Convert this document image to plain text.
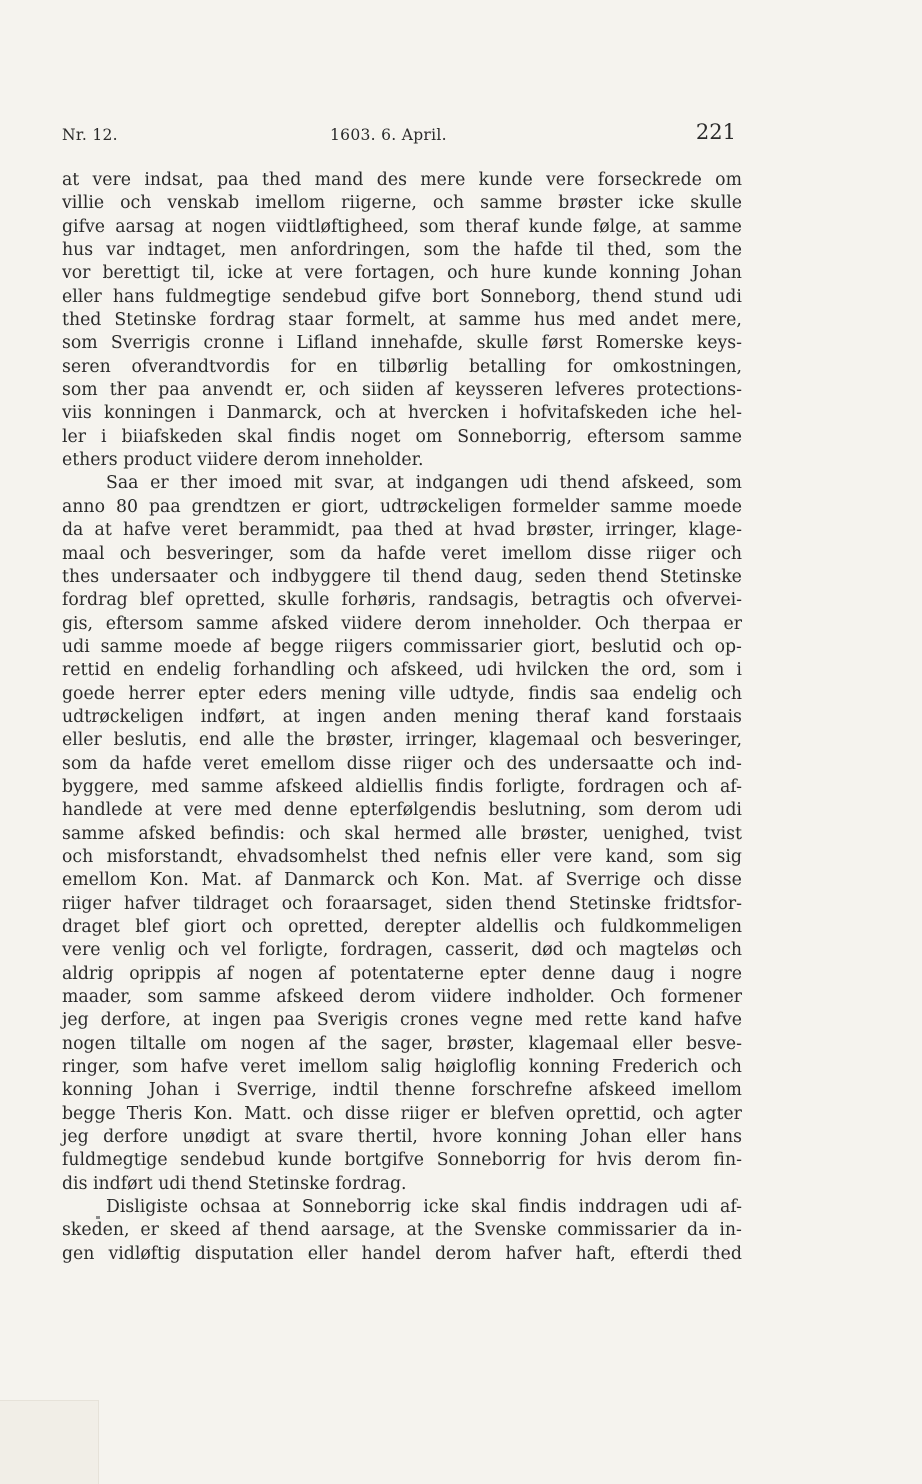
Nr. 12.	1603. 6. April.	221
at vere indsat, paa thed mand des mere kunde vere forseckrede om
villie och venskab imellom riigerne, och samme brøster icke skulle
gifve aarsag at nogen viidtløftigheed, som theraf kunde følge, at samme
hus var indtaget, men anfordringen, som the hafde til thed, som the
vor berettigt til, icke at vere fortagen, och hure kunde konning Johan
eller hans fuldmegtige sendebud gifve bort Sonneborg, thend stund udi
thed Stetinske fordrag staar formelt, at samme hus med andet mere,
som Sverrigis cronne i Lifland innehafde, skulle først Romerske keys-
seren ofverandtvordis for en tilbørlig betalling for omkostningen,
som ther paa anvendt er, och siiden af keysseren lefveres protections-
viis konningen i Danmarck, och at hvercken i hofvitafskeden iche hel-
ler i biiafskeden skal findis noget om Sonneborrig, eftersom samme
ethers product viidere derom inneholder.
Saa er ther imoed mit svar, at indgangen udi thend afskeed, som
anno 80 paa grendtzen er giort, udtrøckeligen formelder samme moede
da at hafve veret berammidt, paa thed at hvad brøster, irringer, klage-
maal och besveringer, som da hafde veret imellom disse riiger och
thes undersaater och indbyggere til thend daug, seden thend Stetinske
fordrag blef opretted, skulle forhøris, randsagis, betragtis och ofvervei-
gis, eftersom samme afsked viidere derom inneholder. Och therpaa er
udi samme moede af begge riigers commissarier giort, beslutid och op-
rettid en endelig forhandling och afskeed, udi hvilcken the ord, som i
goede herrer epter eders mening ville udtyde, findis saa endelig och
udtrøckeligen indført, at ingen anden mening theraf kand forstaais
eller beslutis, end alle the brøster, irringer, klagemaal och besveringer,
som da hafde veret emellom disse riiger och des undersaatte och ind-
byggere, med samme afskeed aldiellis findis forligte, fordragen och af-
handlede at vere med denne epterfølgendis beslutning, som derom udi
samme afsked befindis: och skal hermed alle brøster, uenighed, tvist
och misforstandt, ehvadsomhelst thed nefnis eller vere kand, som sig
emellom Kon. Mat. af Danmarck och Kon. Mat. af Sverrige och disse
riiger hafver tildraget och foraarsaget, siden thend Stetinske fridtsfor-
draget blef giort och opretted, derepter aldellis och fuldkommeligen
vere venlig och vel forligte, fordragen, casserit, død och magteløs och
aldrig oprippis af nogen af potentaterne epter denne daug i nogre
maader, som samme afskeed derom viidere indholder. Och formener
jeg derfore, at ingen paa Sverigis crones vegne med rette kand hafve
nogen tiltalle om nogen af the sager, brøster, klagemaal eller besve-
ringer, som hafve veret imellom salig høigloflig konning Frederich och
konning Johan i Sverrige, indtil thenne forschrefne afskeed imellom
begge Theris Kon. Matt. och disse riiger er blefven oprettid, och agter
jeg derfore unødigt at svare thertil, hvore konning Johan eller hans
fuldmegtige sendebud kunde bortgifve Sonneborrig for hvis derom fin-
dis indført udi thend Stetinske fordrag.
Disligiste ochsaa at Sonneborrig icke skal findis inddragen udi af-
skeden, er skeed af thend aarsage, at the Svenske commissarier da in-
gen vidløftig disputation eller handel derom hafver haft, efterdi thed
